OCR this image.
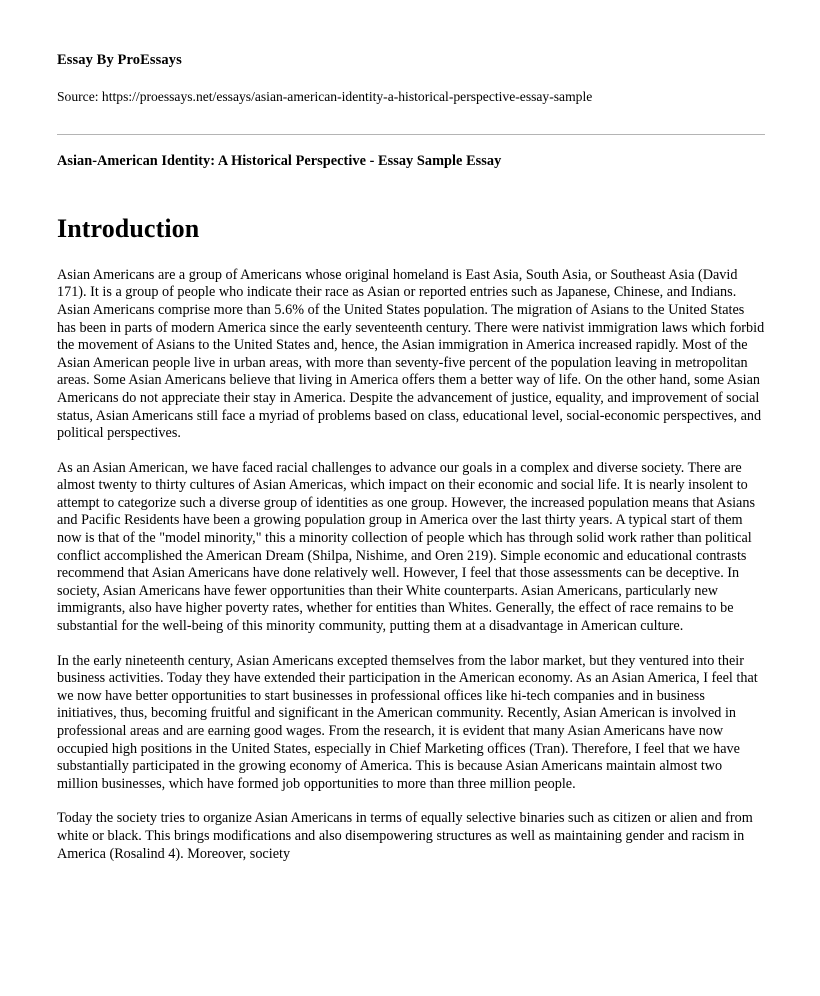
Essay By ProEssays
Source: https://proessays.net/essays/asian-american-identity-a-historical-perspective-essay-sample
Asian-American Identity: A Historical Perspective - Essay Sample Essay
Introduction

Asian Americans are a group of Americans whose original homeland is East Asia, South Asia, or Southeast Asia (David 171). It is a group of people who indicate their race as Asian or reported entries such as Japanese, Chinese, and Indians. Asian Americans comprise more than 5.6% of the United States population. The migration of Asians to the United States has been in parts of modern America since the early seventeenth century. There were nativist immigration laws which forbid the movement of Asians to the United States and, hence, the Asian immigration in America increased rapidly. Most of the Asian American people live in urban areas, with more than seventy-five percent of the population leaving in metropolitan areas. Some Asian Americans believe that living in America offers them a better way of life. On the other hand, some Asian Americans do not appreciate their stay in America. Despite the advancement of justice, equality, and improvement of social status, Asian Americans still face a myriad of problems based on class, educational level, social-economic perspectives, and political perspectives.

As an Asian American, we have faced racial challenges to advance our goals in a complex and diverse society. There are almost twenty to thirty cultures of Asian Americas, which impact on their economic and social life. It is nearly insolent to attempt to categorize such a diverse group of identities as one group. However, the increased population means that Asians and Pacific Residents have been a growing population group in America over the last thirty years. A typical start of them now is that of the "model minority," this a minority collection of people which has through solid work rather than political conflict accomplished the American Dream (Shilpa, Nishime, and Oren 219). Simple economic and educational contrasts recommend that Asian Americans have done relatively well. However, I feel that those assessments can be deceptive. In society, Asian Americans have fewer opportunities than their White counterparts. Asian Americans, particularly new immigrants, also have higher poverty rates, whether for entities than Whites. Generally, the effect of race remains to be substantial for the well-being of this minority community, putting them at a disadvantage in American culture.

In the early nineteenth century, Asian Americans excepted themselves from the labor market, but they ventured into their business activities. Today they have extended their participation in the American economy. As an Asian America, I feel that we now have better opportunities to start businesses in professional offices like hi-tech companies and in business initiatives, thus, becoming fruitful and significant in the American community. Recently, Asian American is involved in professional areas and are earning good wages. From the research, it is evident that many Asian Americans have now occupied high positions in the United States, especially in Chief Marketing offices (Tran). Therefore, I feel that we have substantially participated in the growing economy of America. This is because Asian Americans maintain almost two million businesses, which have formed job opportunities to more than three million people.

Today the society tries to organize Asian Americans in terms of equally selective binaries such as citizen or alien and from white or black. This brings modifications and also disempowering structures as well as maintaining gender and racism in America (Rosalind 4). Moreover, society
